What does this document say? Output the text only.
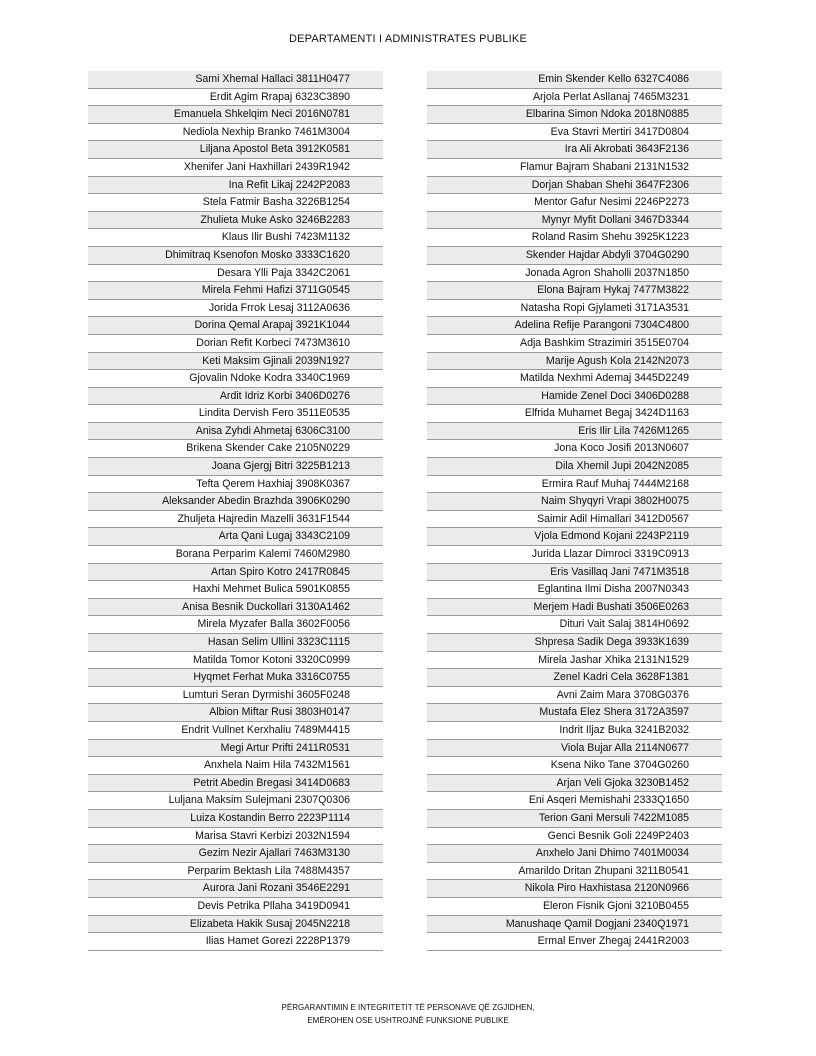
DEPARTAMENTI I ADMINISTRATES PUBLIKE
Sami Xhemal Hallaci 3811H0477
Erdit Agim Rrapaj 6323C3890
Emanuela Shkelqim Neci 2016N0781
Nediola Nexhip Branko 7461M3004
Liljana Apostol Beta 3912K0581
Xhenifer Jani Haxhillari 2439R1942
Ina Refit Likaj 2242P2083
Stela Fatmir Basha 3226B1254
Zhulieta Muke Asko 3246B2283
Klaus Ilir Bushi 7423M1132
Dhimitraq Ksenofon Mosko 3333C1620
Desara Ylli Paja 3342C2061
Mirela Fehmi Hafizi 3711G0545
Jorida Frrok Lesaj 3112A0636
Dorina Qemal Arapaj 3921K1044
Dorian Refit Korbeci 7473M3610
Keti Maksim Gjinali 2039N1927
Gjovalin Ndoke Kodra 3340C1969
Ardit Idriz Korbi 3406D0276
Lindita Dervish Fero 3511E0535
Anisa Zyhdi Ahmetaj 6306C3100
Brikena Skender Cake 2105N0229
Joana Gjergj Bitri 3225B1213
Tefta Qerem Haxhiaj 3908K0367
Aleksander Abedin Brazhda 3906K0290
Zhuljeta Hajredin Mazelli 3631F1544
Arta Qani Lugaj 3343C2109
Borana Perparim Kalemi 7460M2980
Artan Spiro Kotro 2417R0845
Haxhi Mehmet Bulica 5901K0855
Anisa Besnik Duckollari 3130A1462
Mirela Myzafer Balla 3602F0056
Hasan Selim Ullini 3323C1115
Matilda Tomor Kotoni 3320C0999
Hyqmet Ferhat Muka 3316C0755
Lumturi Seran Dyrmishi 3605F0248
Albion Miftar Rusi 3803H0147
Endrit Vullnet Kerxhaliu 7489M4415
Megi Artur Prifti 2411R0531
Anxhela Naim Hila 7432M1561
Petrit Abedin Bregasi 3414D0683
Luljana Maksim Sulejmani 2307Q0306
Luiza Kostandin Berro 2223P1114
Marisa Stavri Kerbizi 2032N1594
Gezim Nezir Ajallari 7463M3130
Perparim Bektash Lila 7488M4357
Aurora Jani Rozani 3546E2291
Devis Petrika Pllaha 3419D0941
Elizabeta Hakik Susaj 2045N2218
Ilias Hamet Gorezi 2228P1379
Emin Skender Kello 6327C4086
Arjola Perlat Asllanaj 7465M3231
Elbarina Simon Ndoka 2018N0885
Eva Stavri Mertiri 3417D0804
Ira Ali Akrobati 3643F2136
Flamur Bajram Shabani 2131N1532
Dorjan Shaban Shehi 3647F2306
Mentor Gafur Nesimi 2246P2273
Mynyr Myfit Dollani 3467D3344
Roland Rasim Shehu 3925K1223
Skender Hajdar Abdyli 3704G0290
Jonada Agron Shaholli 2037N1850
Elona Bajram Hykaj 7477M3822
Natasha Ropi Gjylameti 3171A3531
Adelina Refije Parangoni 7304C4800
Adja Bashkim Strazimiri 3515E0704
Marije Agush Kola 2142N2073
Matilda Nexhmi Ademaj 3445D2249
Hamide Zenel Doci 3406D0288
Elfrida Muhamet Begaj 3424D1163
Eris Ilir Lila 7426M1265
Jona Koco Josifi 2013N0607
Dila Xhemil Jupi 2042N2085
Ermira Rauf Muhaj 7444M2168
Naim Shyqyri Vrapi 3802H0075
Saimir Adil Himallari 3412D0567
Vjola Edmond Kojani 2243P2119
Jurida Llazar Dimroci 3319C0913
Eris Vasillaq Jani 7471M3518
Eglantina Ilmi Disha 2007N0343
Merjem Hadi Bushati 3506E0263
Dituri Vait Salaj 3814H0692
Shpresa Sadik Dega 3933K1639
Mirela Jashar Xhika 2131N1529
Zenel Kadri Cela 3628F1381
Avni Zaim Mara 3708G0376
Mustafa Elez Shera 3172A3597
Indrit Iljaz Buka 3241B2032
Viola Bujar Alla 2114N0677
Ksena Niko Tane 3704G0260
Arjan Veli Gjoka 3230B1452
Eni Asqeri Memishahi 2333Q1650
Terion Gani Mersuli 7422M1085
Genci Besnik Goli 2249P2403
Anxhelo Jani Dhimo 7401M0034
Amarildo Dritan Zhupani 3211B0541
Nikola Piro Haxhistasa 2120N0966
Eleron Fisnik Gjoni 3210B0455
Manushaqe Qamil Dogjani 2340Q1971
Ermal Enver Zhegaj 2441R2003
PËRGARANTIMIN E INTEGRITETIT TË PERSONAVE QË ZGJIDHEN,
EMËROHEN OSE USHTROJNË FUNKSIONE PUBLIKE
